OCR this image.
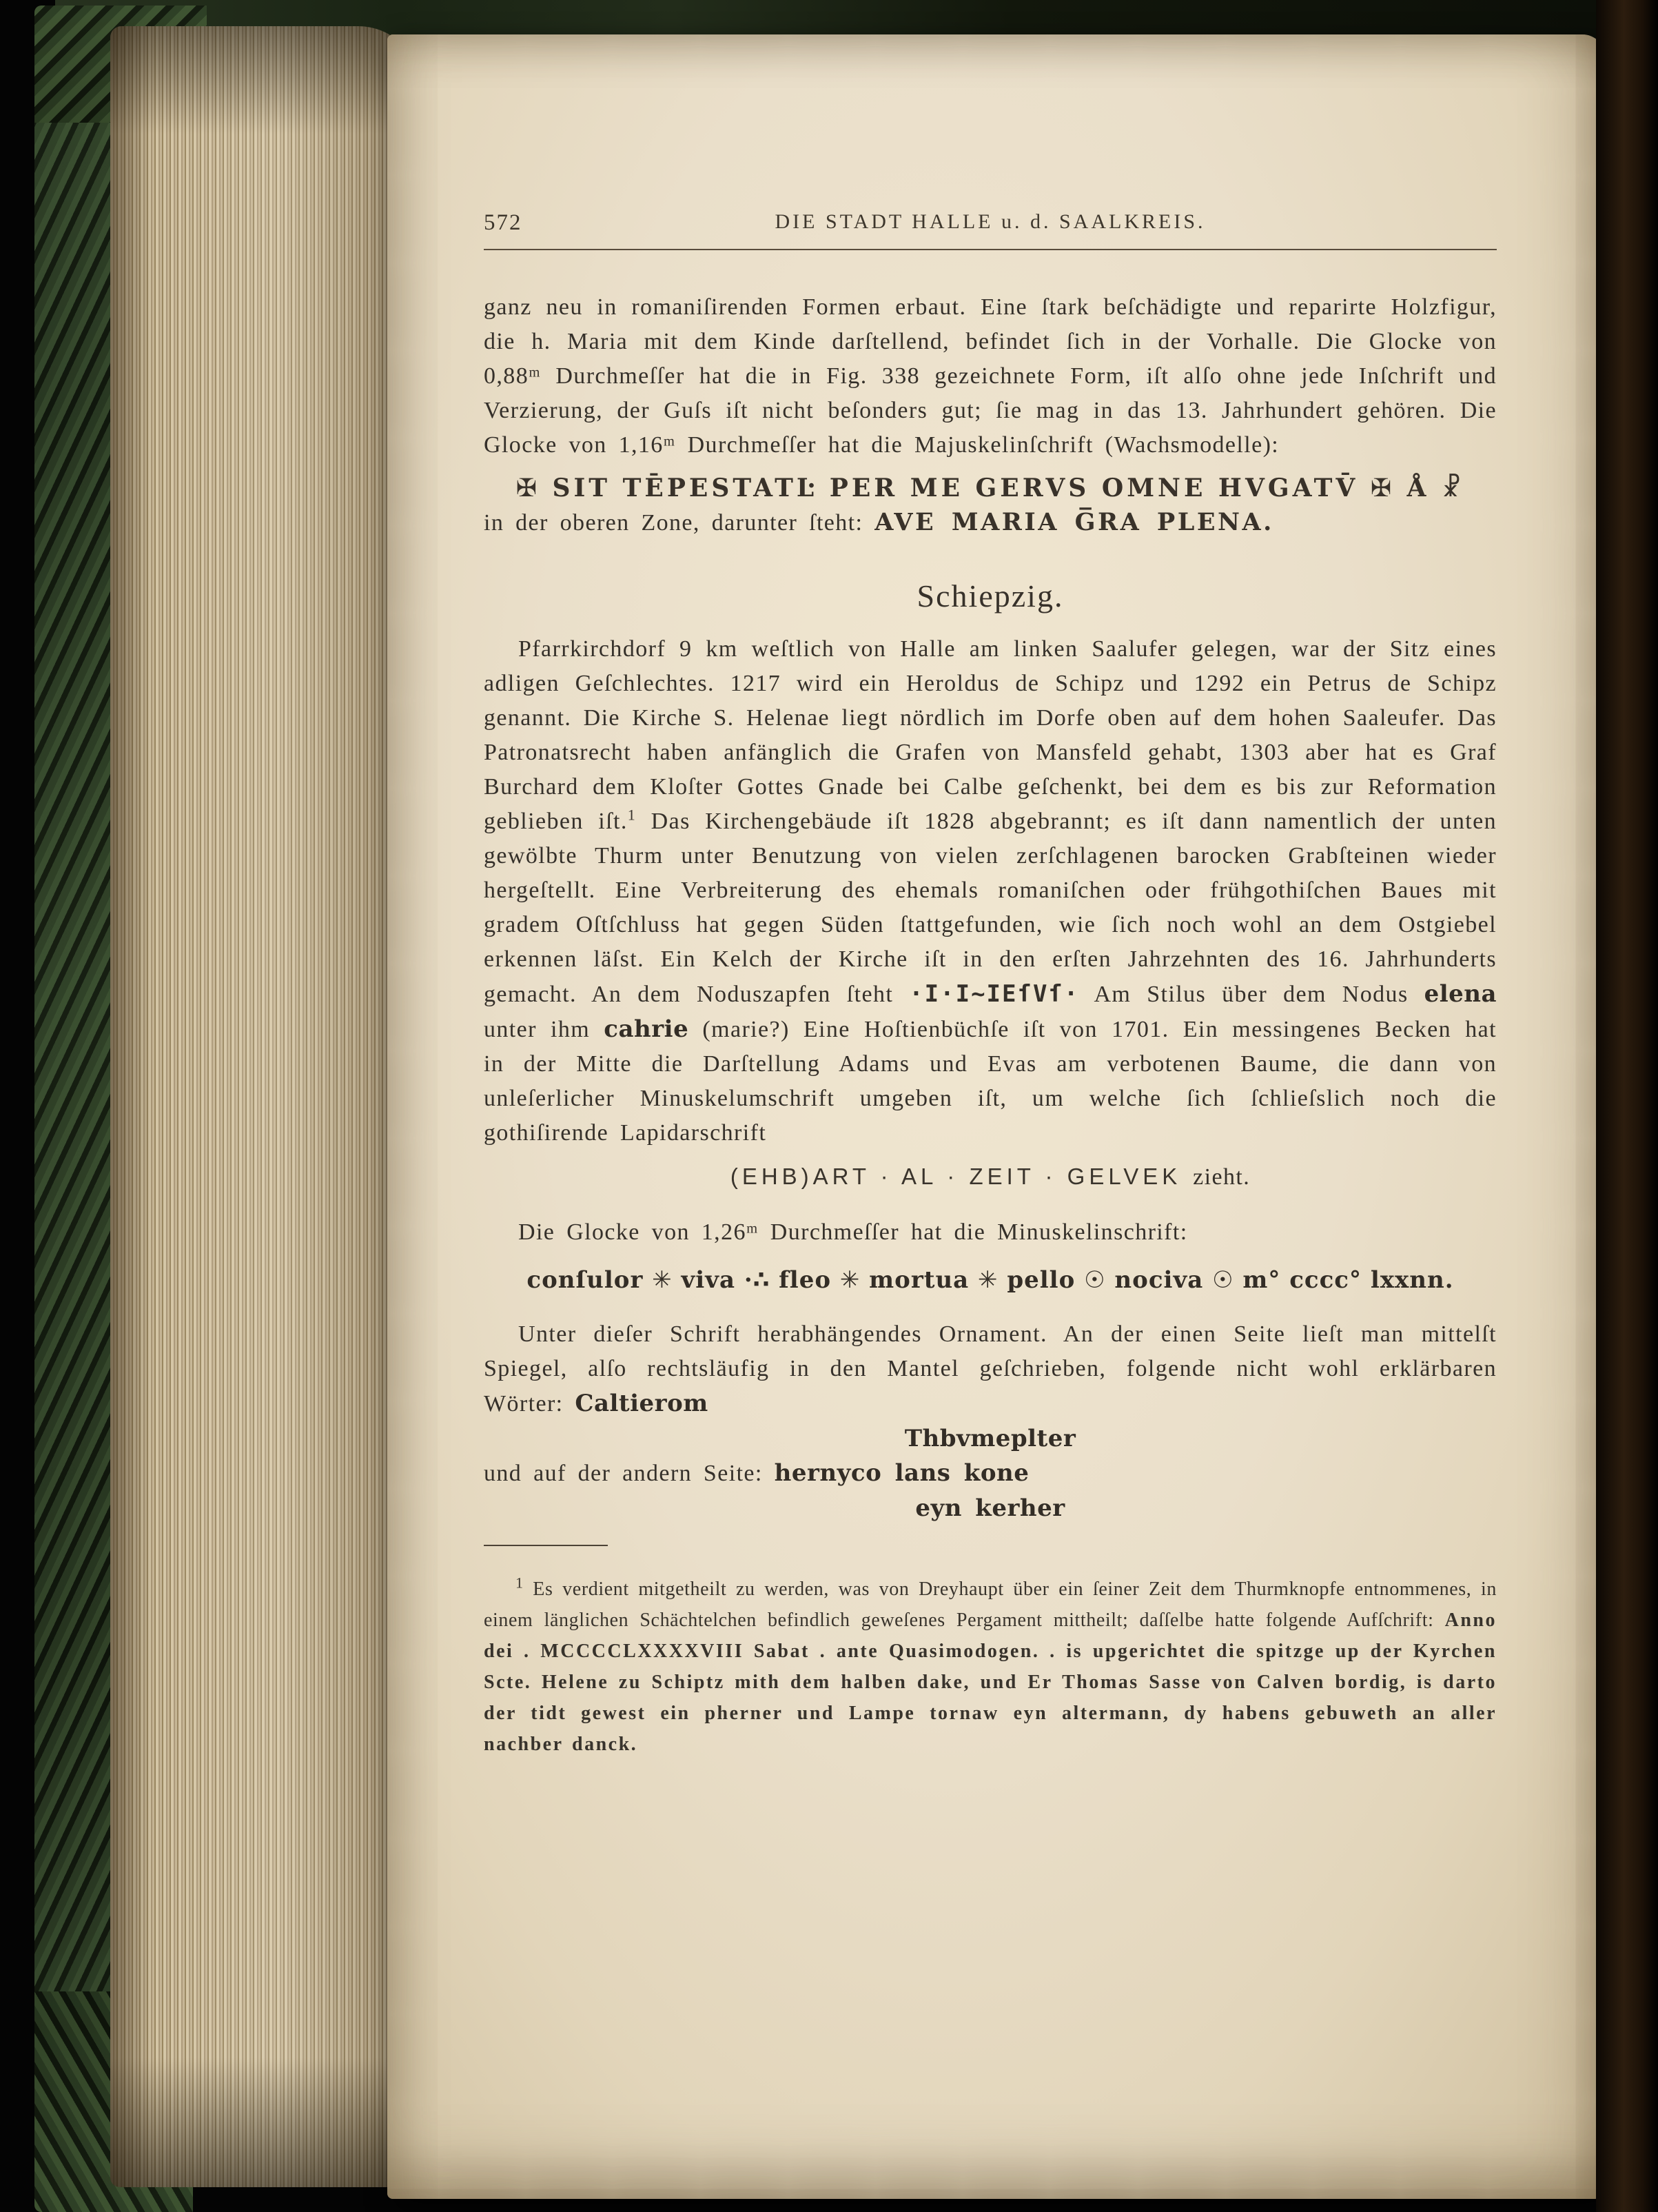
572	DIE STADT HALLE u. d. SAALKREIS.

ganz neu in romaniſirenden Formen erbaut. Eine ſtark beſchädigte und reparirte Holzfigur, die h. Maria mit dem Kinde darſtellend, befindet ſich in der Vorhalle. Die Glocke von 0,88ᵐ Durchmeſſer hat die in Fig. 338 gezeichnete Form, iſt alſo ohne jede Inſchrift und Verzierung, der Guſs iſt nicht beſonders gut; ſie mag in das 13. Jahrhundert gehören. Die Glocke von 1,16ᵐ Durchmeſſer hat die Majuskelinſchrift (Wachsmodelle):

✠ SIT TĒPESTATĿ PER ME GERVS OMNE HVGATV̄ ✠ Å ☧

in der oberen Zone, darunter ſteht: AVE MARIA G̅RA PLENA.

Schiepzig.

Pfarrkirchdorf 9 km weſtlich von Halle am linken Saalufer gelegen, war der Sitz eines adligen Geſchlechtes. 1217 wird ein Heroldus de Schipz und 1292 ein Petrus de Schipz genannt. Die Kirche S. Helenae liegt nördlich im Dorfe oben auf dem hohen Saaleufer. Das Patronatsrecht haben anfänglich die Grafen von Mansfeld gehabt, 1303 aber hat es Graf Burchard dem Kloſter Gottes Gnade bei Calbe geſchenkt, bei dem es bis zur Reformation geblieben iſt.$^1$ Das Kirchengebäude iſt 1828 abgebrannt; es iſt dann namentlich der unten gewölbte Thurm unter Benutzung von vielen zerſchlagenen barocken Grabſteinen wieder hergeſtellt. Eine Verbreiterung des ehemals romaniſchen oder frühgothiſchen Baues mit gradem Oſtſchluss hat gegen Süden ſtattgefunden, wie ſich noch wohl an dem Ostgiebel erkennen läſst. Ein Kelch der Kirche iſt in den erſten Jahrzehnten des 16. Jahrhunderts gemacht. An dem Noduszapfen ſteht ·I·I~IEſVſ· Am Stilus über dem Nodus elena unter ihm cahrie (marie?) Eine Hoſtienbüchſe iſt von 1701. Ein messingenes Becken hat in der Mitte die Darſtellung Adams und Evas am verbotenen Baume, die dann von unleſerlicher Minuskelumschrift umgeben iſt, um welche ſich ſchlieſslich noch die gothiſirende Lapidarschrift

(EHB)ART · AL · ZEIT · GELVEK zieht.

Die Glocke von 1,26ᵐ Durchmeſſer hat die Minuskelinschrift:

conſulor ✳ viva ·∴ fleo ✳ mortua ✳ pello ☉ nociva ☉ m° cccc° lxxnn.

Unter dieſer Schrift herabhängendes Ornament. An der einen Seite lieſt man mittelſt Spiegel, alſo rechtsläufig in den Mantel geſchrieben, folgende nicht wohl erklärbaren Wörter: Caltierom

Thbvmeplter

und auf der andern Seite: hernyco lans kone

eyn kerher

$^1$ Es verdient mitgetheilt zu werden, was von Dreyhaupt über ein ſeiner Zeit dem Thurmknopfe entnommenes, in einem länglichen Schächtelchen befindlich geweſenes Pergament mittheilt; daſſelbe hatte folgende Aufſchrift: Anno dei . MCCCCLXXXXVIII Sabat . ante Quasimodogen. . is upgerichtet die spitzge up der Kyrchen Scte. Helene zu Schiptz mith dem halben dake, und Er Thomas Sasse von Calven bordig, is darto der tidt gewest ein pherner und Lampe tornaw eyn altermann, dy habens gebuweth an aller nachber danck.
